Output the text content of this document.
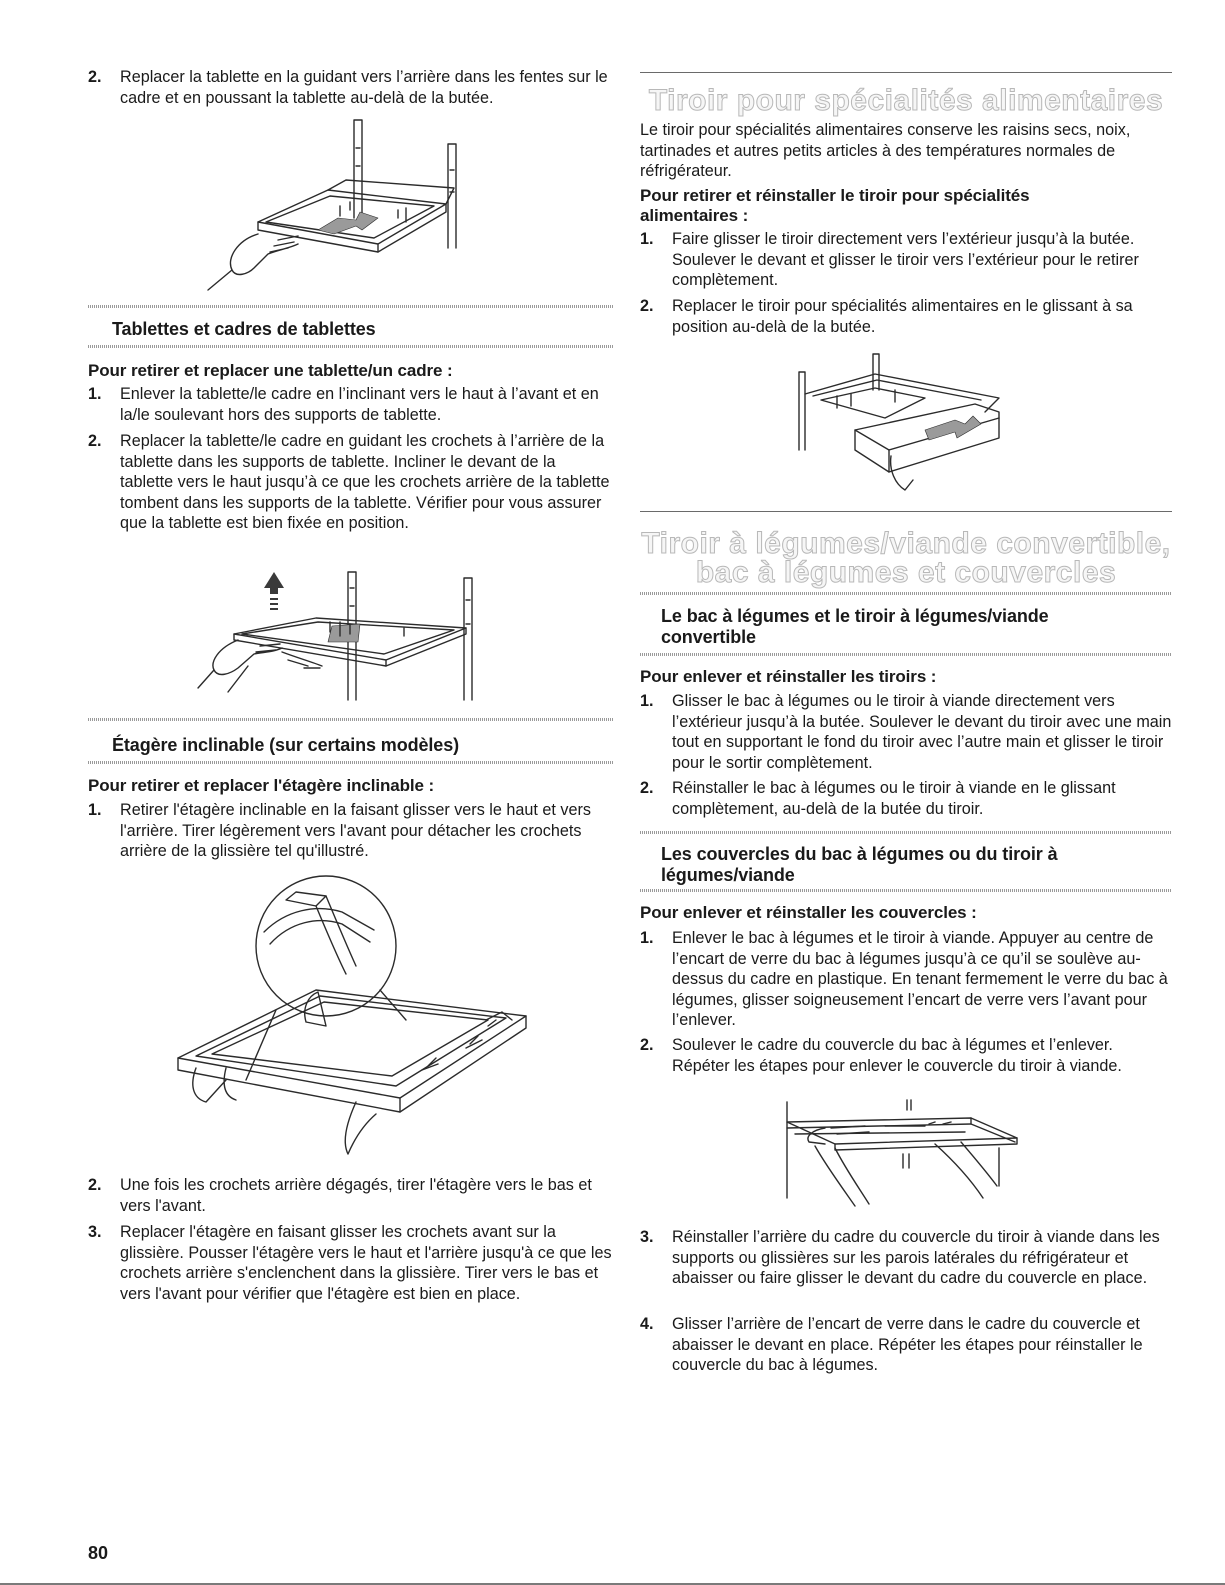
2. Replacer la tablette en la guidant vers l’arrière dans les fentes sur le cadre et en poussant la tablette au-delà de la butée.
Tablettes et cadres de tablettes
Pour retirer et replacer une tablette/un cadre :
1. Enlever la tablette/le cadre en l’inclinant vers le haut à l’avant et en la/le soulevant hors des supports de tablette.
2. Replacer la tablette/le cadre en guidant les crochets à l’arrière de la tablette dans les supports de tablette. Incliner le devant de la tablette vers le haut jusqu’à ce que les crochets arrière de la tablette tombent dans les supports de la tablette. Vérifier pour vous assurer que la tablette est bien fixée en position.
Étagère inclinable (sur certains modèles)
Pour retirer et replacer l'étagère inclinable :
1. Retirer l'étagère inclinable en la faisant glisser vers le haut et vers l'arrière. Tirer légèrement vers l'avant pour détacher les crochets arrière de la glissière tel qu'illustré.
2. Une fois les crochets arrière dégagés, tirer l'étagère vers le bas et vers l'avant.
3. Replacer l'étagère en faisant glisser les crochets avant sur la glissière. Pousser l'étagère vers le haut et l'arrière jusqu'à ce que les crochets arrière s'enclenchent dans la glissière. Tirer vers le bas et vers l'avant pour vérifier que l'étagère est bien en place.
Tiroir pour spécialités alimentaires
Le tiroir pour spécialités alimentaires conserve les raisins secs, noix, tartinades et autres petits articles à des températures normales de réfrigérateur.
Pour retirer et réinstaller le tiroir pour spécialités alimentaires :
1. Faire glisser le tiroir directement vers l’extérieur jusqu’à la butée. Soulever le devant et glisser le tiroir vers l’extérieur pour le retirer complètement.
2. Replacer le tiroir pour spécialités alimentaires en le glissant à sa position au-delà de la butée.
Tiroir à légumes/viande convertible,
bac à légumes et couvercles
Le bac à légumes et le tiroir à légumes/viande convertible
Pour enlever et réinstaller les tiroirs :
1. Glisser le bac à légumes ou le tiroir à viande directement vers l’extérieur jusqu’à la butée. Soulever le devant du tiroir avec une main tout en supportant le fond du tiroir avec l’autre main et glisser le tiroir pour le sortir complètement.
2. Réinstaller le bac à légumes ou le tiroir à viande en le glissant complètement, au-delà de la butée du tiroir.
Les couvercles du bac à légumes ou du tiroir à légumes/viande
Pour enlever et réinstaller les couvercles :
1. Enlever le bac à légumes et le tiroir à viande. Appuyer au centre de l’encart de verre du bac à légumes jusqu’à ce qu’il se soulève au-dessus du cadre en plastique. En tenant fermement le verre du bac à légumes, glisser soigneusement l’encart de verre vers l’avant pour l’enlever.
2. Soulever le cadre du couvercle du bac à légumes et l’enlever. Répéter les étapes pour enlever le couvercle du tiroir à viande.
3. Réinstaller l’arrière du cadre du couvercle du tiroir à viande dans les supports ou glissières sur les parois latérales du réfrigérateur et abaisser ou faire glisser le devant du cadre du couvercle en place.
4. Glisser l’arrière de l’encart de verre dans le cadre du couvercle et abaisser le devant en place. Répéter les étapes pour réinstaller le couvercle du bac à légumes.
80
